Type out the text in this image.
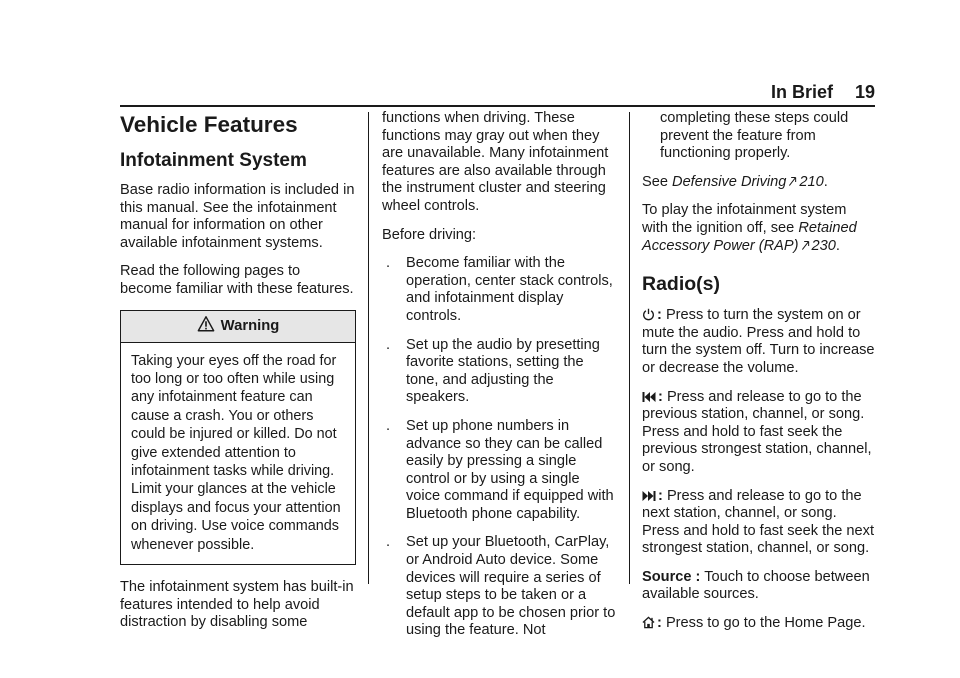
In Brief 19
Vehicle Features
Infotainment System

Base radio information is included in this manual. See the infotainment manual for information on other available infotainment systems.

Read the following pages to become familiar with these features.

Warning
Taking your eyes off the road for too long or too often while using any infotainment feature can cause a crash. You or others could be injured or killed. Do not give extended attention to infotainment tasks while driving. Limit your glances at the vehicle displays and focus your attention on driving. Use voice commands whenever possible.

The infotainment system has built-in features intended to help avoid distraction by disabling some

functions when driving. These functions may gray out when they are unavailable. Many infotainment features are also available through the instrument cluster and steering wheel controls.

Before driving:

. Become familiar with the operation, center stack controls, and infotainment display controls.
. Set up the audio by presetting favorite stations, setting the tone, and adjusting the speakers.
. Set up phone numbers in advance so they can be called easily by pressing a single control or by using a single voice command if equipped with Bluetooth phone capability.
. Set up your Bluetooth, CarPlay, or Android Auto device. Some devices will require a series of setup steps to be taken or a default app to be chosen prior to using the feature. Not

completing these steps could prevent the feature from functioning properly.

See Defensive Driving 210.

To play the infotainment system with the ignition off, see Retained Accessory Power (RAP) 230.

Radio(s)

: Press to turn the system on or mute the audio. Press and hold to turn the system off. Turn to increase or decrease the volume.

: Press and release to go to the previous station, channel, or song. Press and hold to fast seek the previous strongest station, channel, or song.

: Press and release to go to the next station, channel, or song. Press and hold to fast seek the next strongest station, channel, or song.

Source : Touch to choose between available sources.

: Press to go to the Home Page.
